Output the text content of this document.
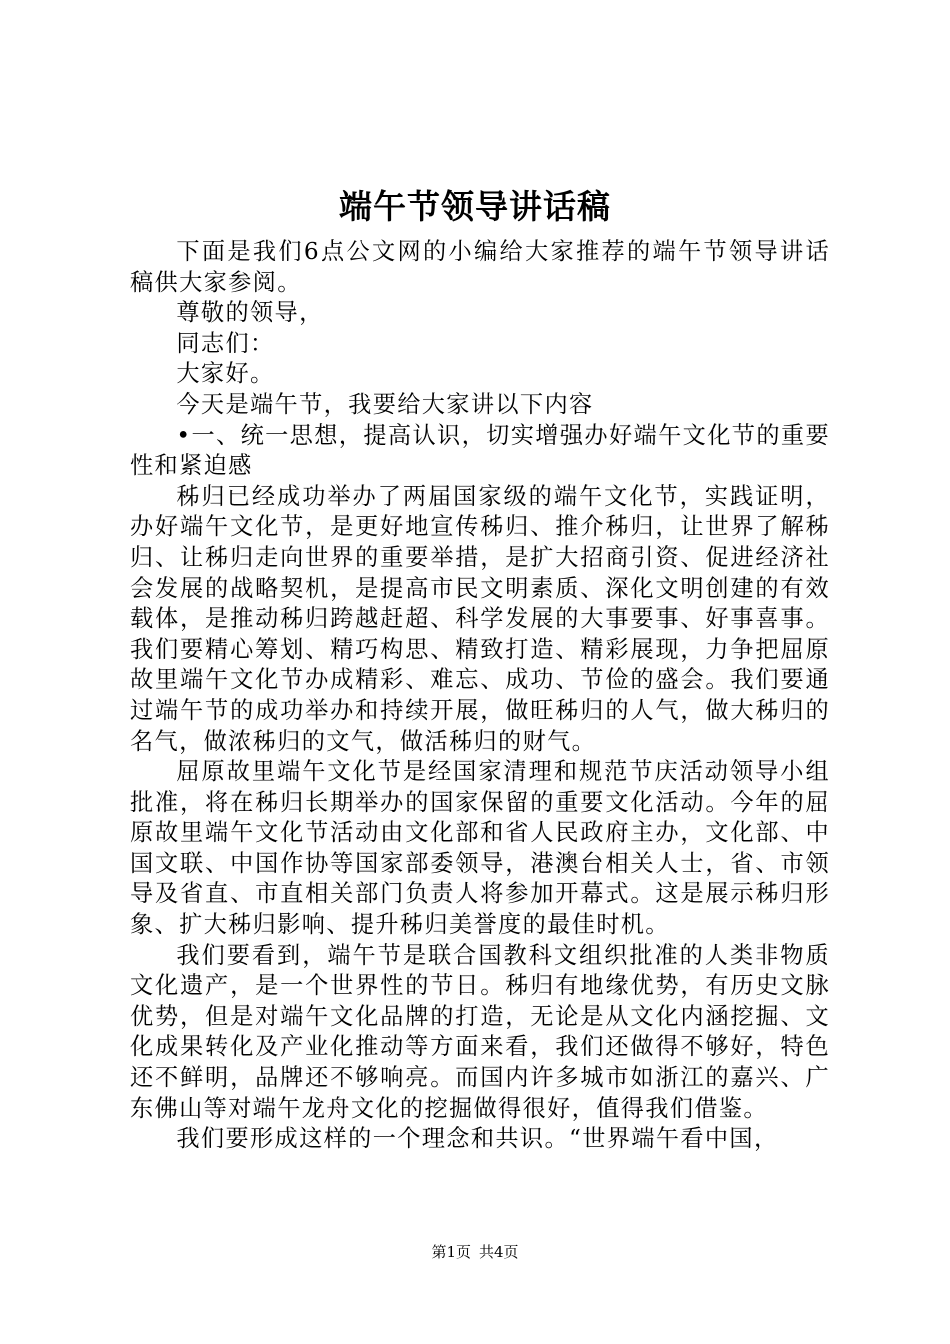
端午节领导讲话稿

下面是我们6点公文网的小编给大家推荐的端午节领导讲话稿供大家参阅。

尊敬的领导，

同志们：

大家好。

今天是端午节，我要给大家讲以下内容

•一、统一思想，提高认识，切实增强办好端午文化节的重要性和紧迫感

秭归已经成功举办了两届国家级的端午文化节，实践证明，办好端午文化节，是更好地宣传秭归、推介秭归，让世界了解秭归、让秭归走向世界的重要举措，是扩大招商引资、促进经济社会发展的战略契机，是提高市民文明素质、深化文明创建的有效载体，是推动秭归跨越赶超、科学发展的大事要事、好事喜事。我们要精心筹划、精巧构思、精致打造、精彩展现，力争把屈原故里端午文化节办成精彩、难忘、成功、节俭的盛会。我们要通过端午节的成功举办和持续开展，做旺秭归的人气，做大秭归的名气，做浓秭归的文气，做活秭归的财气。

屈原故里端午文化节是经国家清理和规范节庆活动领导小组批准，将在秭归长期举办的国家保留的重要文化活动。今年的屈原故里端午文化节活动由文化部和省人民政府主办，文化部、中国文联、中国作协等国家部委领导，港澳台相关人士，省、市领导及省直、市直相关部门负责人将参加开幕式。这是展示秭归形象、扩大秭归影响、提升秭归美誉度的最佳时机。

我们要看到，端午节是联合国教科文组织批准的人类非物质文化遗产，是一个世界性的节日。秭归有地缘优势，有历史文脉优势，但是对端午文化品牌的打造，无论是从文化内涵挖掘、文化成果转化及产业化推动等方面来看，我们还做得不够好，特色还不鲜明，品牌还不够响亮。而国内许多城市如浙江的嘉兴、广东佛山等对端午龙舟文化的挖掘做得很好，值得我们借鉴。

我们要形成这样的一个理念和共识。“世界端午看中国，

第1页 共4页
